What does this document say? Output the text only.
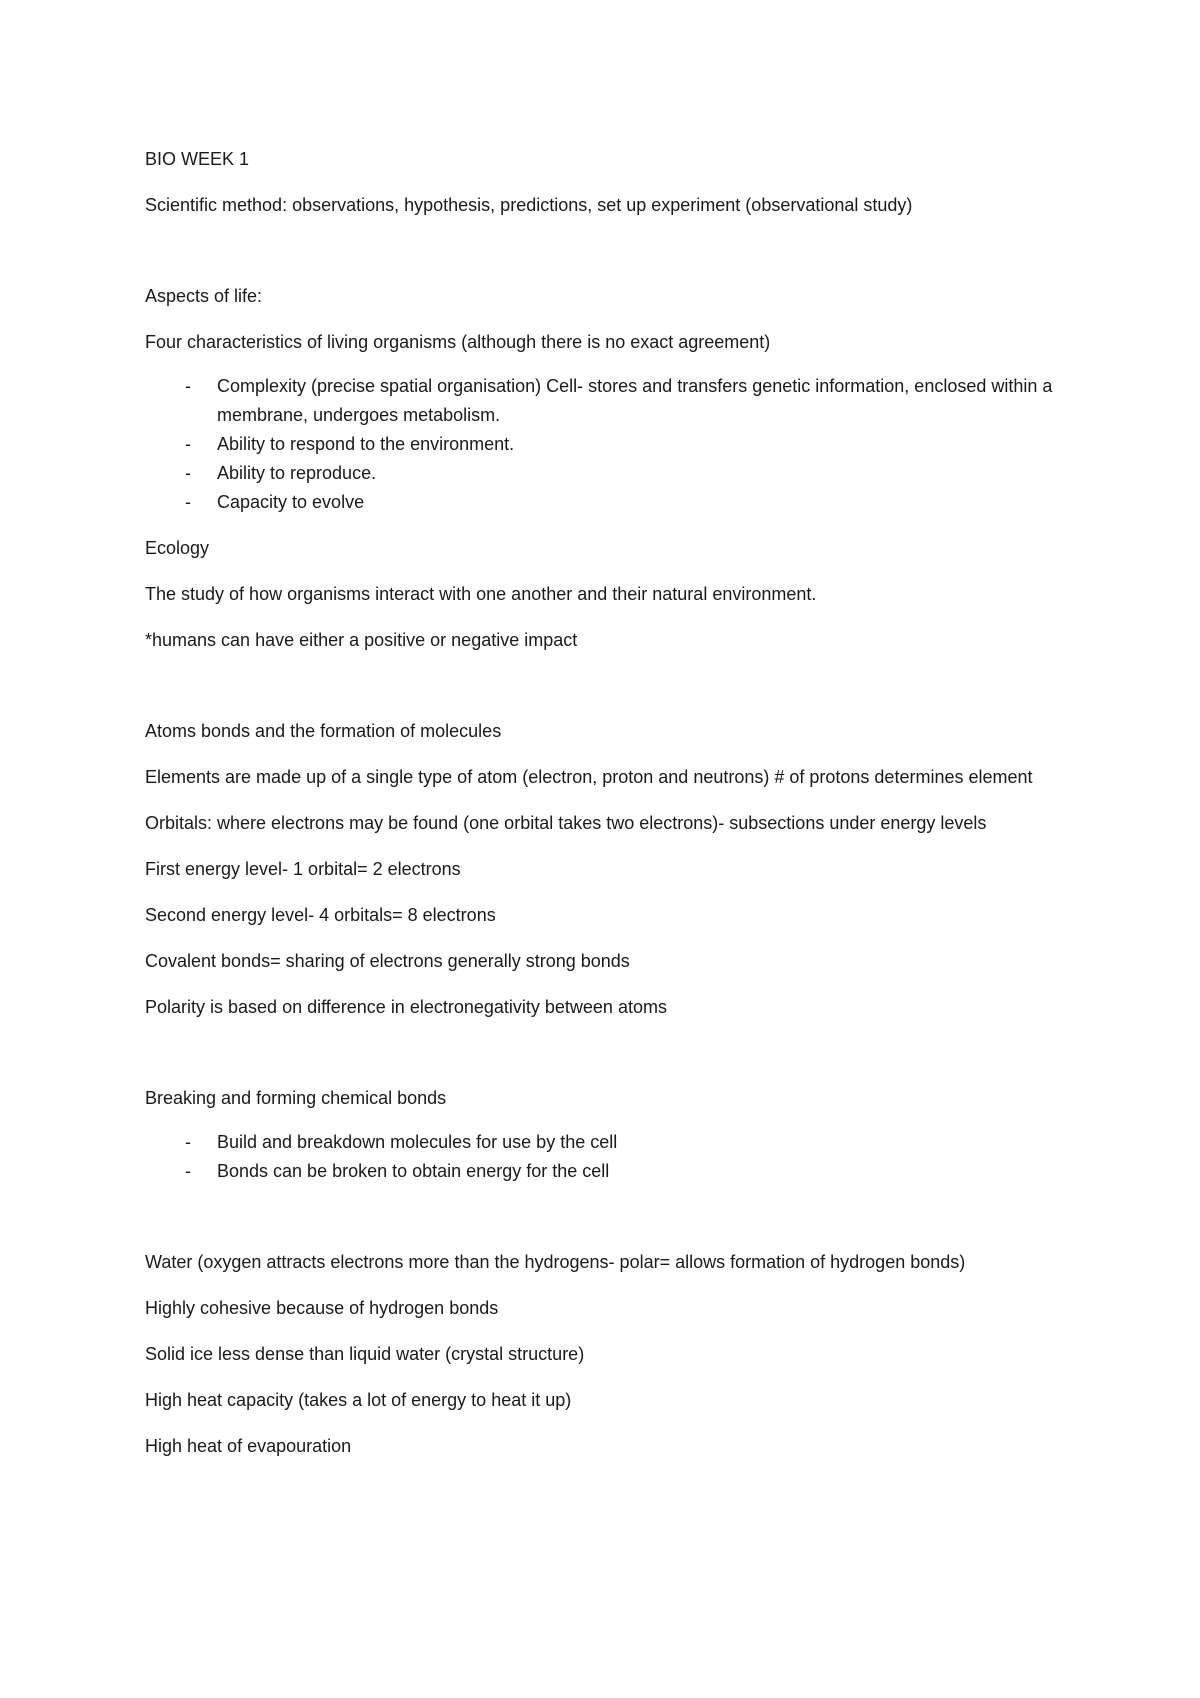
BIO WEEK 1

Scientific method: observations, hypothesis, predictions, set up experiment (observational study)

Aspects of life:

Four characteristics of living organisms (although there is no exact agreement)

- Complexity (precise spatial organisation) Cell- stores and transfers genetic information, enclosed within a membrane, undergoes metabolism.
- Ability to respond to the environment.
- Ability to reproduce.
- Capacity to evolve

Ecology

The study of how organisms interact with one another and their natural environment.

*humans can have either a positive or negative impact

Atoms bonds and the formation of molecules

Elements are made up of a single type of atom (electron, proton and neutrons) # of protons determines element

Orbitals: where electrons may be found (one orbital takes two electrons)- subsections under energy levels

First energy level- 1 orbital= 2 electrons

Second energy level- 4 orbitals= 8 electrons

Covalent bonds= sharing of electrons generally strong bonds

Polarity is based on difference in electronegativity between atoms

Breaking and forming chemical bonds

- Build and breakdown molecules for use by the cell
- Bonds can be broken to obtain energy for the cell

Water (oxygen attracts electrons more than the hydrogens- polar= allows formation of hydrogen bonds)

Highly cohesive because of hydrogen bonds

Solid ice less dense than liquid water (crystal structure)

High heat capacity (takes a lot of energy to heat it up)

High heat of evapouration
